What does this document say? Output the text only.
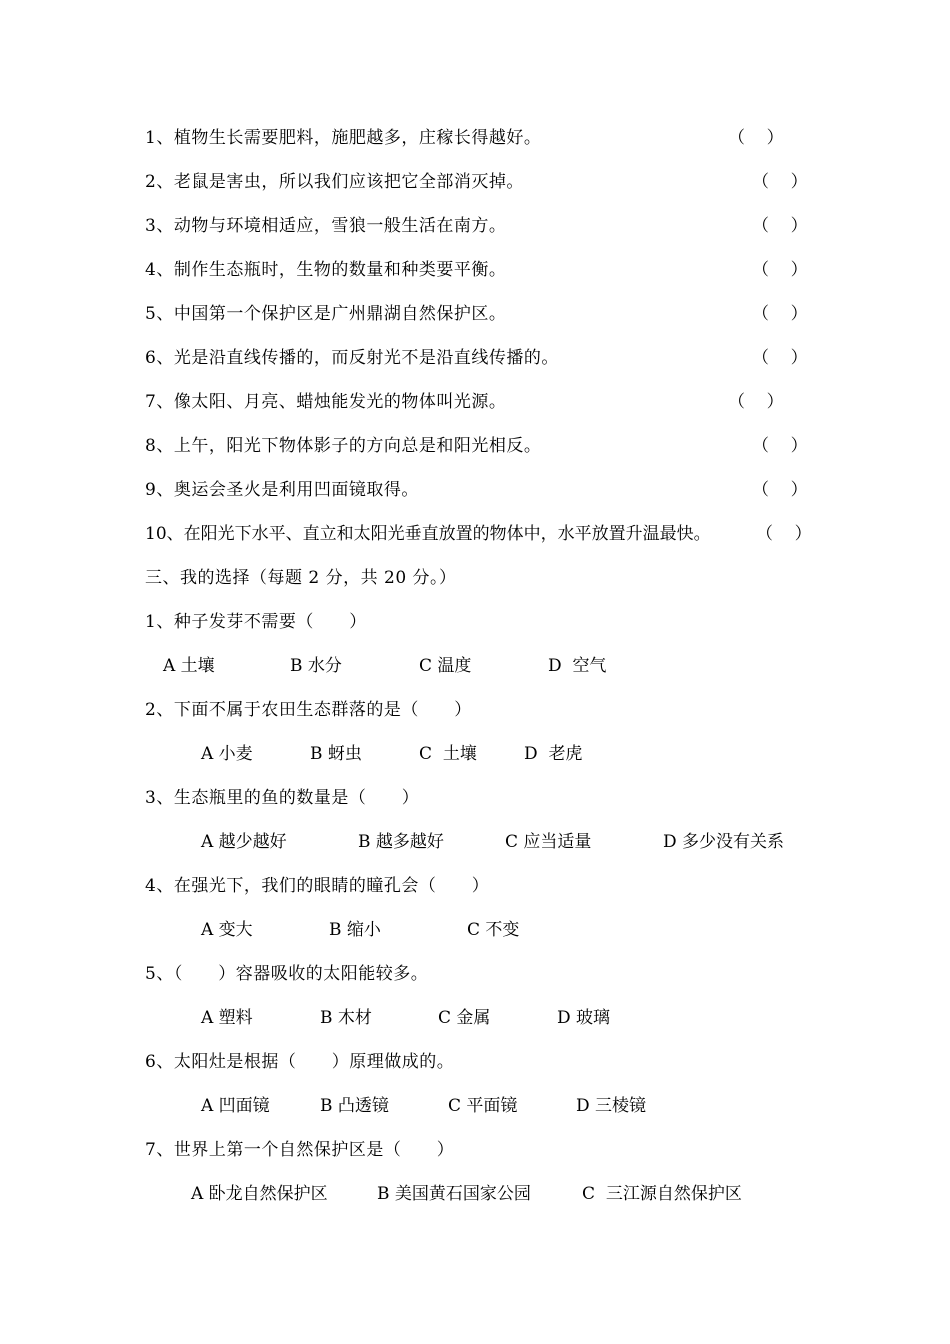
1、植物生长需要肥料，施肥越多，庄稼长得越好。	（    ）
2、老鼠是害虫，所以我们应该把它全部消灭掉。	（    ）
3、动物与环境相适应，雪狼一般生活在南方。	（    ）
4、制作生态瓶时，生物的数量和种类要平衡。	（    ）
5、中国第一个保护区是广州鼎湖自然保护区。	（    ）
6、光是沿直线传播的，而反射光不是沿直线传播的。	（    ）
7、像太阳、月亮、蜡烛能发光的物体叫光源。	（    ）
8、上午，阳光下物体影子的方向总是和阳光相反。	（    ）
9、奥运会圣火是利用凹面镜取得。	（    ）
10、在阳光下水平、直立和太阳光垂直放置的物体中，水平放置升温最快。	（    ）
三、我的选择（每题 2 分，共 20 分。）
1、种子发芽不需要（      ）
A 土壤	B 水分	C 温度	D  空气
2、下面不属于农田生态群落的是（      ）
A 小麦	B 蚜虫	C  土壤	D  老虎
3、生态瓶里的鱼的数量是（      ）
A 越少越好	B 越多越好	C 应当适量	D 多少没有关系
4、在强光下，我们的眼睛的瞳孔会（      ）
A 变大	B 缩小	C 不变
5、（      ）容器吸收的太阳能较多。
A 塑料	B 木材	C 金属	D 玻璃
6、太阳灶是根据（      ）原理做成的。
A 凹面镜	B 凸透镜	C 平面镜	D 三棱镜
7、世界上第一个自然保护区是（      ）
A 卧龙自然保护区	B 美国黄石国家公园	C  三江源自然保护区
